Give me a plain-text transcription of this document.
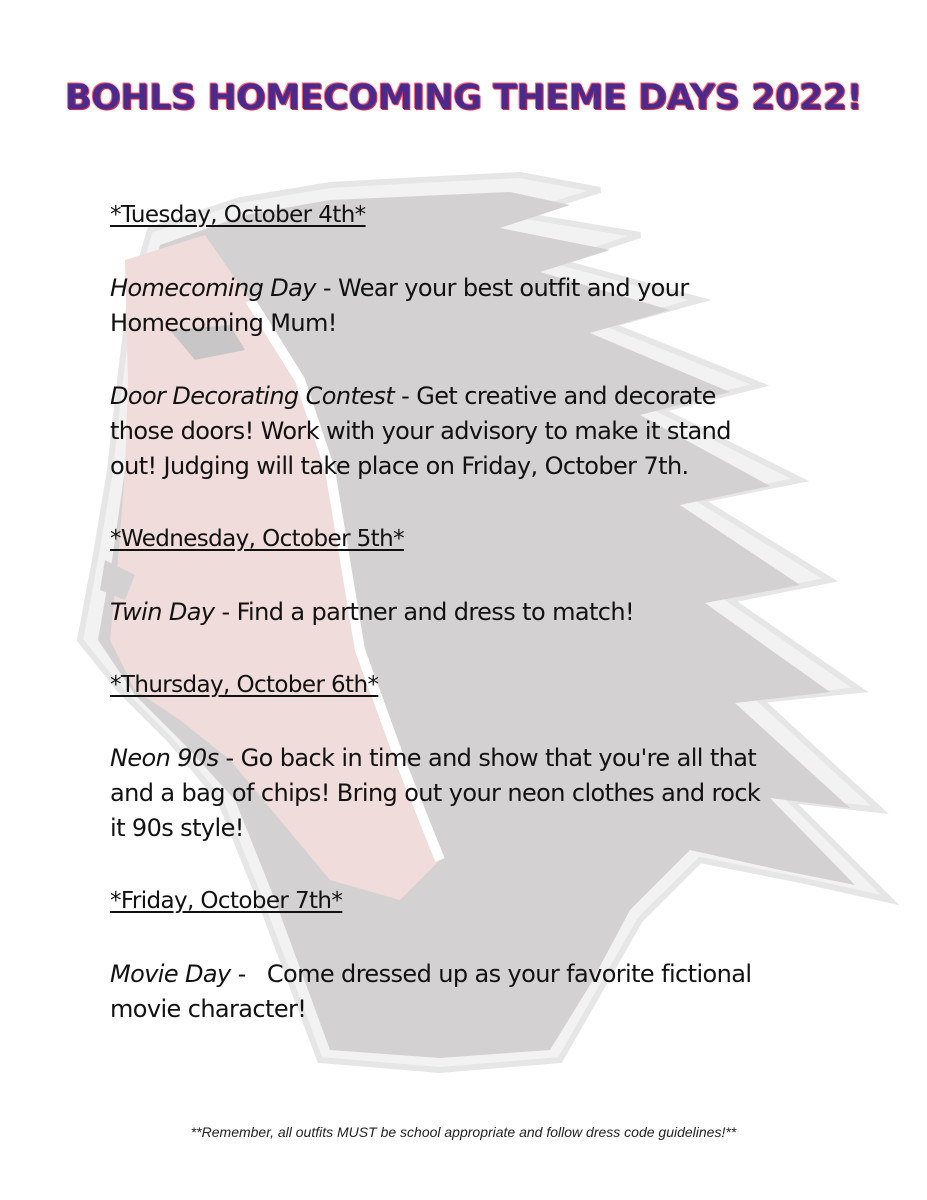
BOHLS HOMECOMING THEME DAYS 2022!

*Tuesday, October 4th*

Homecoming Day - Wear your best outfit and your
Homecoming Mum!

Door Decorating Contest - Get creative and decorate
those doors! Work with your advisory to make it stand
out! Judging will take place on Friday, October 7th.

*Wednesday, October 5th*

Twin Day - Find a partner and dress to match!

*Thursday, October 6th*

Neon 90s - Go back in time and show that you're all that
and a bag of chips! Bring out your neon clothes and rock
it 90s style!

*Friday, October 7th*

Movie Day -   Come dressed up as your favorite fictional
movie character!

**Remember, all outfits MUST be school appropriate and follow dress code guidelines!**
